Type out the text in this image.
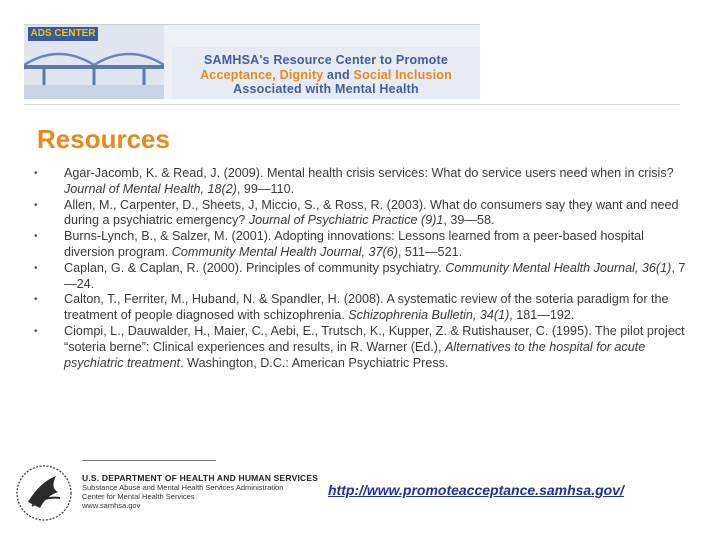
ADS CENTER
SAMHSA's Resource Center to Promote
Acceptance, Dignity and Social Inclusion
Associated with Mental Health
Resources
• Agar-Jacomb, K. & Read, J. (2009). Mental health crisis services: What do service users need when in crisis? Journal of Mental Health, 18(2), 99—110.
• Allen, M., Carpenter, D., Sheets, J, Miccio, S., & Ross, R. (2003). What do consumers say they want and need during a psychiatric emergency? Journal of Psychiatric Practice (9)1, 39—58.
• Burns-Lynch, B., & Salzer, M. (2001). Adopting innovations: Lessons learned from a peer-based hospital diversion program. Community Mental Health Journal, 37(6), 511—521.
• Caplan, G. & Caplan, R. (2000). Principles of community psychiatry. Community Mental Health Journal, 36(1), 7—24.
• Calton, T., Ferriter, M., Huband, N. & Spandler, H. (2008). A systematic review of the soteria paradigm for the treatment of people diagnosed with schizophrenia. Schizophrenia Bulletin, 34(1), 181—192.
• Ciompi, L., Dauwalder, H., Maier, C., Aebi, E., Trutsch, K., Kupper, Z. & Rutishauser, C. (1995). The pilot project “soteria berne”: Clinical experiences and results, in R. Warner (Ed.), Alternatives to the hospital for acute psychiatric treatment. Washington, D.C.: American Psychiatric Press.
U.S. DEPARTMENT OF HEALTH AND HUMAN SERVICES
Substance Abuse and Mental Health Services Administration
Center for Mental Health Services
www.samhsa.gov
http://www.promoteacceptance.samhsa.gov/
